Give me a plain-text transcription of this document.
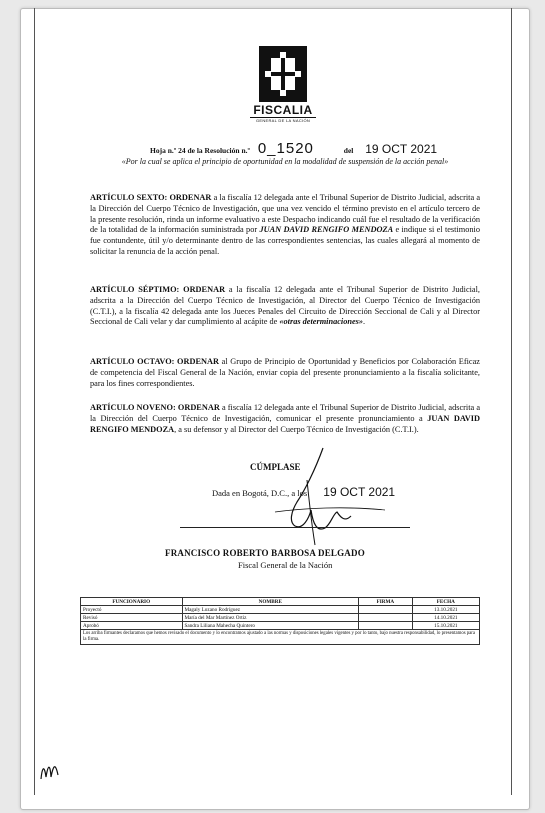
FISCALIA
GENERAL DE LA NACIÓN
Hoja n.º 24 de la Resolución n.º 0_1520	del 19 OCT 2021
«Por la cual se aplica el principio de oportunidad en la modalidad de suspensión de la acción penal»
ARTÍCULO SEXTO: ORDENAR a la fiscalía 12 delegada ante el Tribunal Superior de Distrito Judicial, adscrita a la Dirección del Cuerpo Técnico de Investigación, que una vez vencido el término previsto en el artículo tercero de la presente resolución, rinda un informe evaluativo a este Despacho indicando cuál fue el resultado de la verificación de la totalidad de la información suministrada por JUAN DAVID RENGIFO MENDOZA e indique si el testimonio fue contundente, útil y/o determinante dentro de las correspondientes sentencias, las cuales allegará al momento de solicitar la renuncia de la acción penal.
ARTÍCULO SÉPTIMO: ORDENAR a la fiscalía 12 delegada ante el Tribunal Superior de Distrito Judicial, adscrita a la Dirección del Cuerpo Técnico de Investigación, al Director del Cuerpo Técnico de Investigación (C.T.I.), a la fiscalía 42 delegada ante los Jueces Penales del Circuito de Dirección Seccional de Cali y al Director Seccional de Cali velar y dar cumplimiento al acápite de «otras determinaciones».
ARTÍCULO OCTAVO: ORDENAR al Grupo de Principio de Oportunidad y Beneficios por Colaboración Eficaz de competencia del Fiscal General de la Nación, enviar copia del presente pronunciamiento a la fiscalía solicitante, para los fines correspondientes.
ARTÍCULO NOVENO: ORDENAR a fiscalía 12 delegada ante el Tribunal Superior de Distrito Judicial, adscrita a la Dirección del Cuerpo Técnico de Investigación, comunicar el presente pronunciamiento a JUAN DAVID RENGIFO MENDOZA, a su defensor y al Director del Cuerpo Técnico de Investigación (C.T.I.).
CÚMPLASE
Dada en Bogotá, D.C., a los 19 OCT 2021
FRANCISCO ROBERTO BARBOSA DELGADO
Fiscal General de la Nación
FUNCIONARIO	NOMBRE	FIRMA	FECHA
Proyectó	Magaly Lozano Rodríguez		13.10.2021
Revisó	María del Mar Martínez Ortiz		14.10.2021
Aprobó	Sandra Liliana Mahecha Quintero		15.10.2021
Los arriba firmantes declaramos que hemos revisado el documento y lo encontramos ajustado a las normas y disposiciones legales vigentes y por lo tanto, bajo nuestra responsabilidad, lo presentamos para la firma.			
